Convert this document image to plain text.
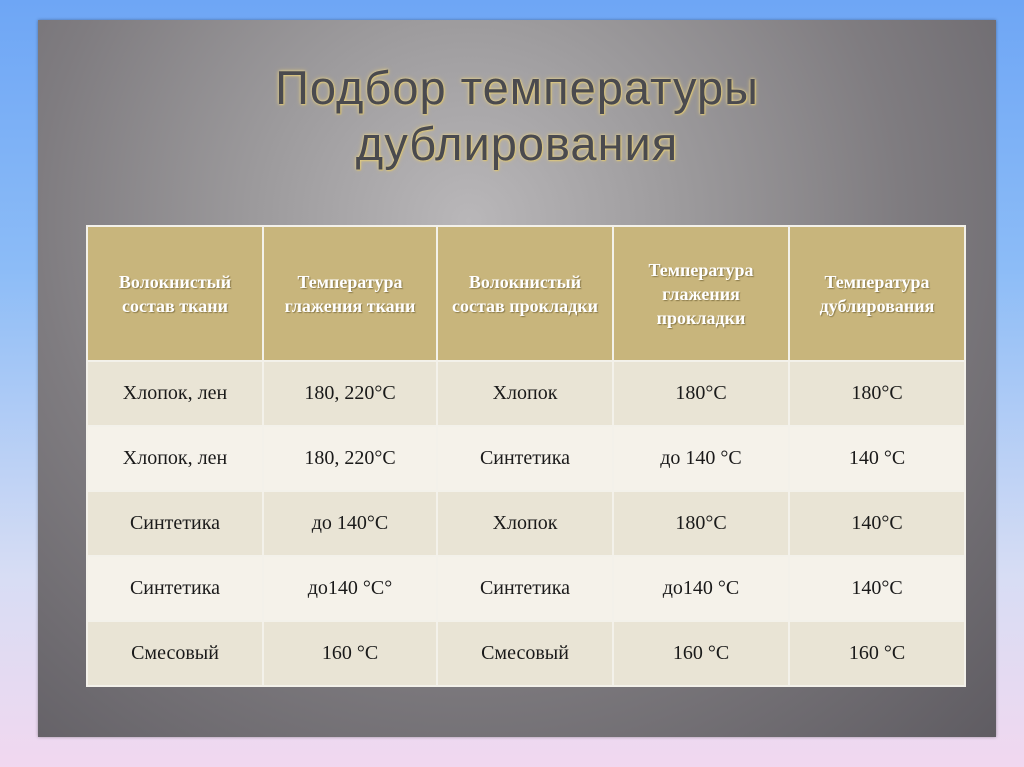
Подбор температуры
дублирования
Волокнистый состав ткани	Температура глажения ткани	Волокнистый состав прокладки	Температура глажения прокладки	Температура дублирования
Хлопок, лен	180, 220°C	Хлопок	180°C	180°C
Хлопок, лен	180, 220°C	Синтетика	до 140 °C	140 °C
Синтетика	до 140°C	Хлопок	180°C	140°C
Синтетика	до140 °C°	Синтетика	до140 °C	140°C
Смесовый	160 °C	Смесовый	160 °C	160 °C
